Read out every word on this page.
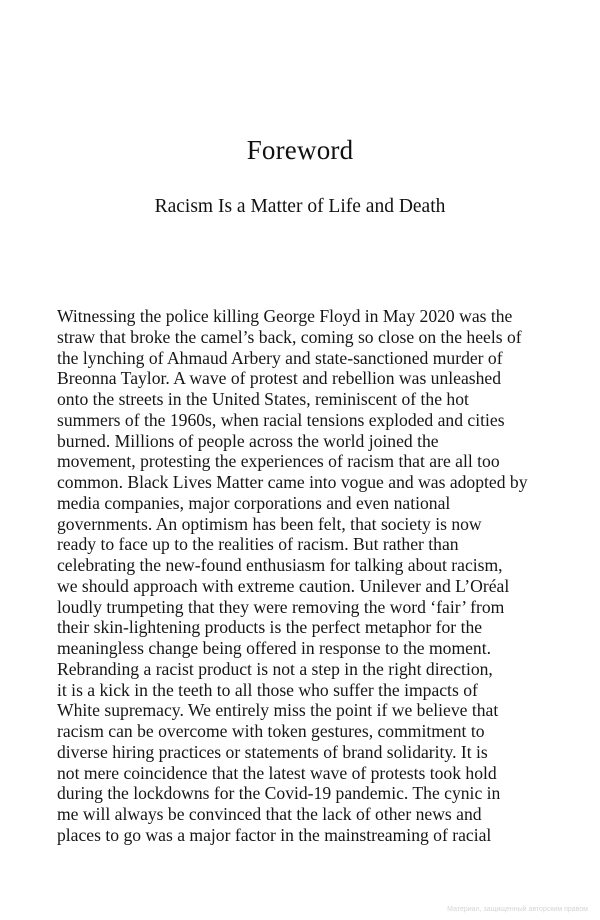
Foreword
Racism Is a Matter of Life and Death
Witnessing the police killing George Floyd in May 2020 was the
straw that broke the camel’s back, coming so close on the heels of
the lynching of Ahmaud Arbery and state-sanctioned murder of
Breonna Taylor. A wave of protest and rebellion was unleashed
onto the streets in the United States, reminiscent of the hot
summers of the 1960s, when racial tensions exploded and cities
burned. Millions of people across the world joined the
movement, protesting the experiences of racism that are all too
common. Black Lives Matter came into vogue and was adopted by
media companies, major corporations and even national
governments. An optimism has been felt, that society is now
ready to face up to the realities of racism. But rather than
celebrating the new-found enthusiasm for talking about racism,
we should approach with extreme caution. Unilever and L’Oréal
loudly trumpeting that they were removing the word ‘fair’ from
their skin-lightening products is the perfect metaphor for the
meaningless change being offered in response to the moment.
Rebranding a racist product is not a step in the right direction,
it is a kick in the teeth to all those who suffer the impacts of
White supremacy. We entirely miss the point if we believe that
racism can be overcome with token gestures, commitment to
diverse hiring practices or statements of brand solidarity. It is
not mere coincidence that the latest wave of protests took hold
during the lockdowns for the Covid-19 pandemic. The cynic in
me will always be convinced that the lack of other news and
places to go was a major factor in the mainstreaming of racial
Материал, защищенный авторским правом
